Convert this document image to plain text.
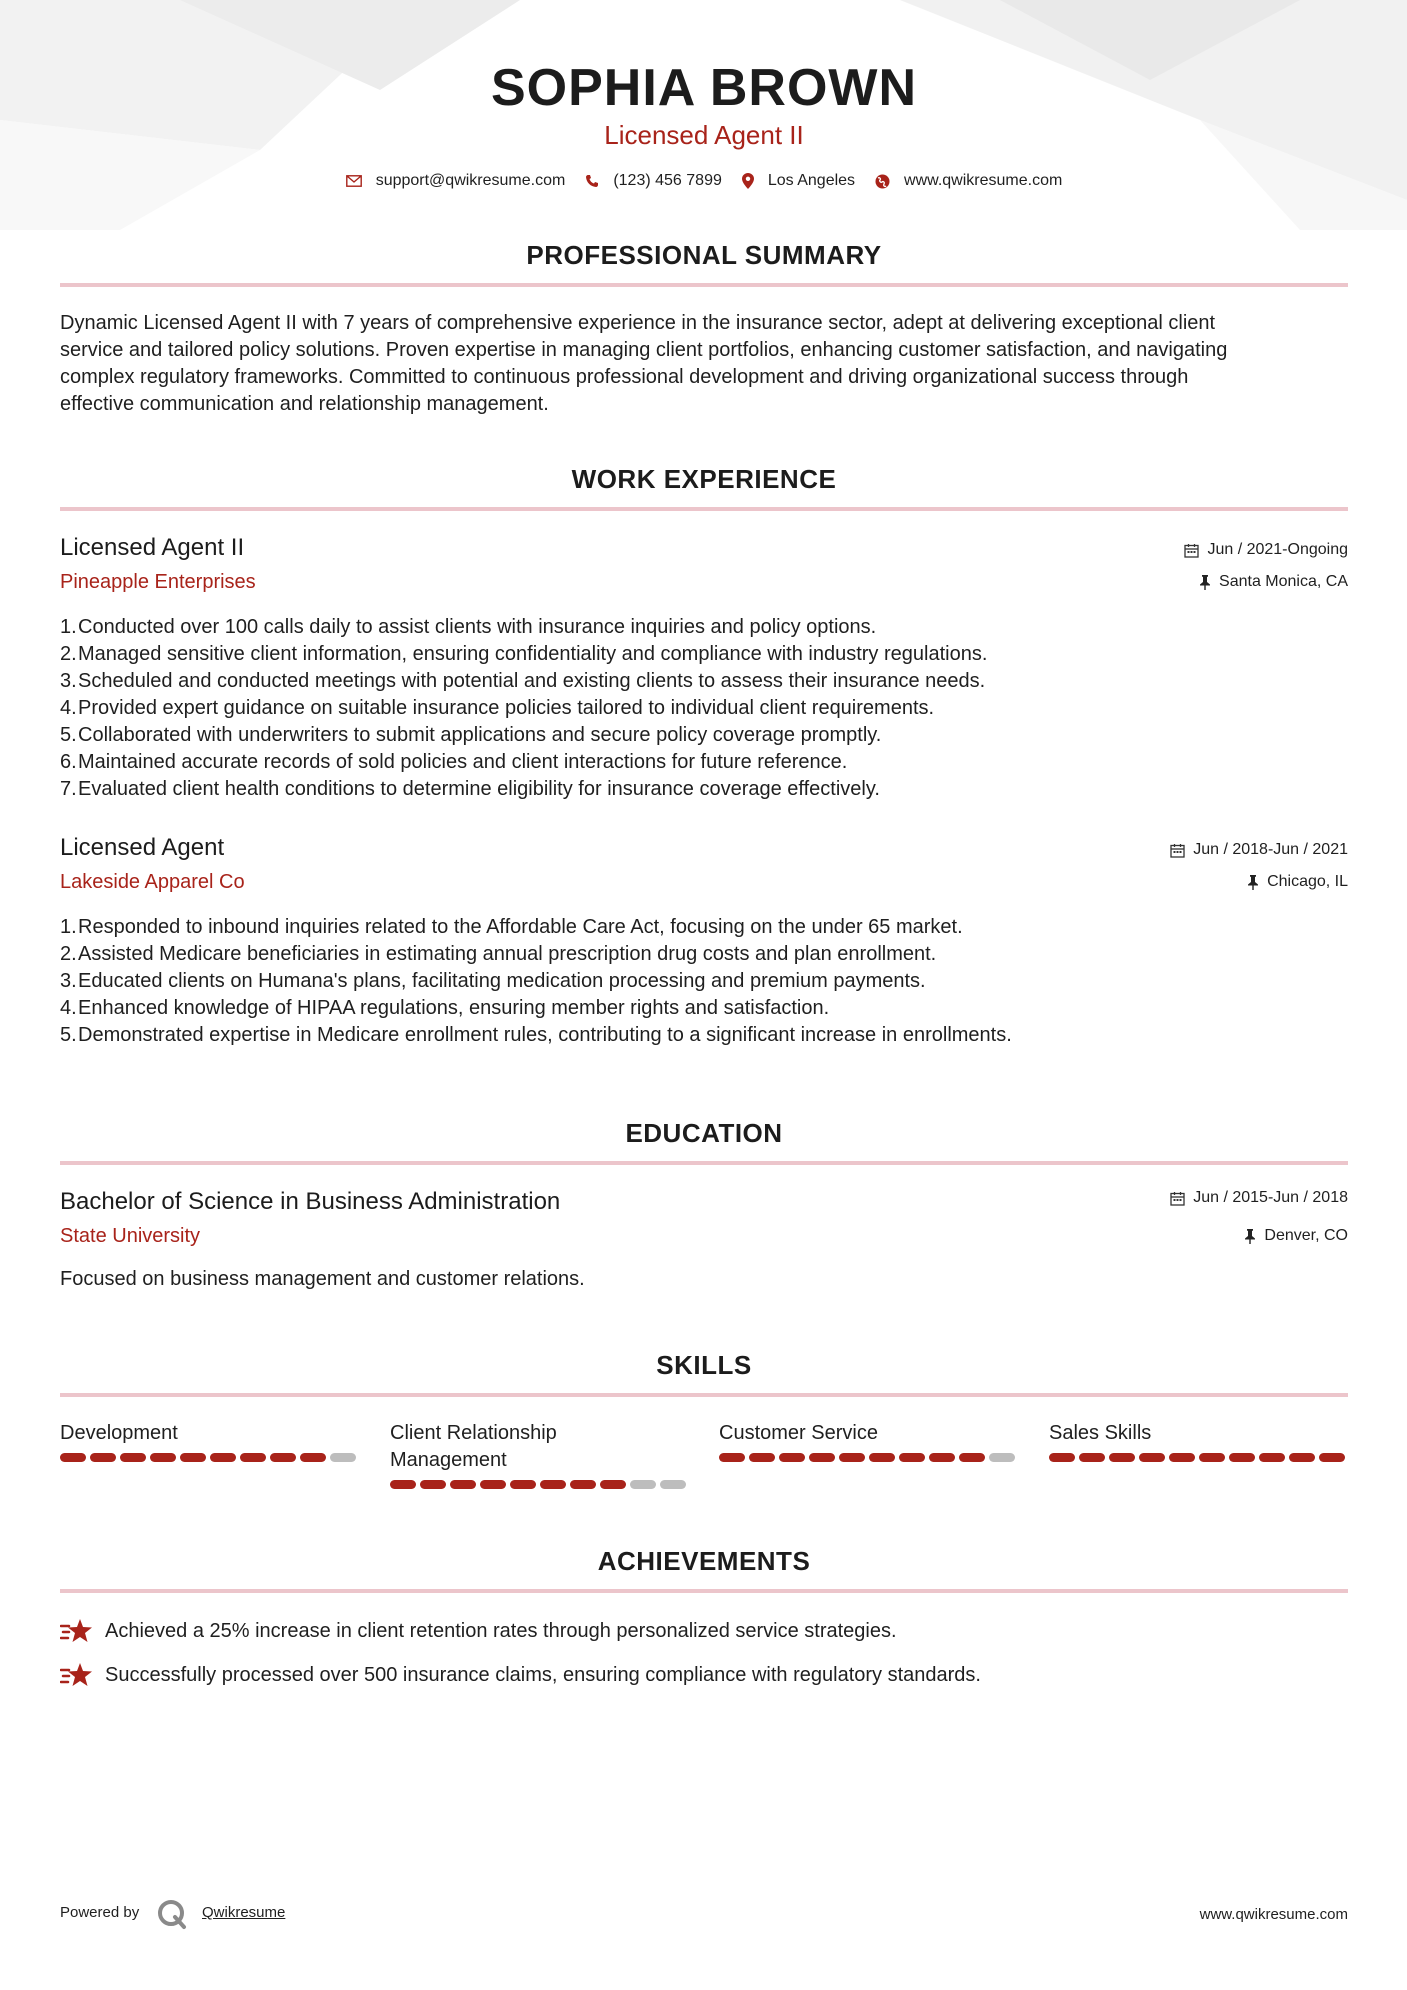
SOPHIA BROWN
Licensed Agent II
support@qwikresume.com	(123) 456 7899	Los Angeles	www.qwikresume.com
PROFESSIONAL SUMMARY
Dynamic Licensed Agent II with 7 years of comprehensive experience in the insurance sector, adept at delivering exceptional client
service and tailored policy solutions. Proven expertise in managing client portfolios, enhancing customer satisfaction, and navigating
complex regulatory frameworks. Committed to continuous professional development and driving organizational success through
effective communication and relationship management.
WORK EXPERIENCE
Licensed Agent II
Pineapple Enterprises
Jun / 2021-Ongoing
Santa Monica, CA
1. Conducted over 100 calls daily to assist clients with insurance inquiries and policy options.
2. Managed sensitive client information, ensuring confidentiality and compliance with industry regulations.
3. Scheduled and conducted meetings with potential and existing clients to assess their insurance needs.
4. Provided expert guidance on suitable insurance policies tailored to individual client requirements.
5. Collaborated with underwriters to submit applications and secure policy coverage promptly.
6. Maintained accurate records of sold policies and client interactions for future reference.
7. Evaluated client health conditions to determine eligibility for insurance coverage effectively.
Licensed Agent
Lakeside Apparel Co
Jun / 2018-Jun / 2021
Chicago, IL
1. Responded to inbound inquiries related to the Affordable Care Act, focusing on the under 65 market.
2. Assisted Medicare beneficiaries in estimating annual prescription drug costs and plan enrollment.
3. Educated clients on Humana's plans, facilitating medication processing and premium payments.
4. Enhanced knowledge of HIPAA regulations, ensuring member rights and satisfaction.
5. Demonstrated expertise in Medicare enrollment rules, contributing to a significant increase in enrollments.
EDUCATION
Bachelor of Science in Business Administration
State University
Jun / 2015-Jun / 2018
Denver, CO
Focused on business management and customer relations.
SKILLS
Development	Client Relationship
Management
Customer Service	Sales Skills
ACHIEVEMENTS
Achieved a 25% increase in client retention rates through personalized service strategies.
Successfully processed over 500 insurance claims, ensuring compliance with regulatory standards.
Powered by	Qwikresume	www.qwikresume.com
